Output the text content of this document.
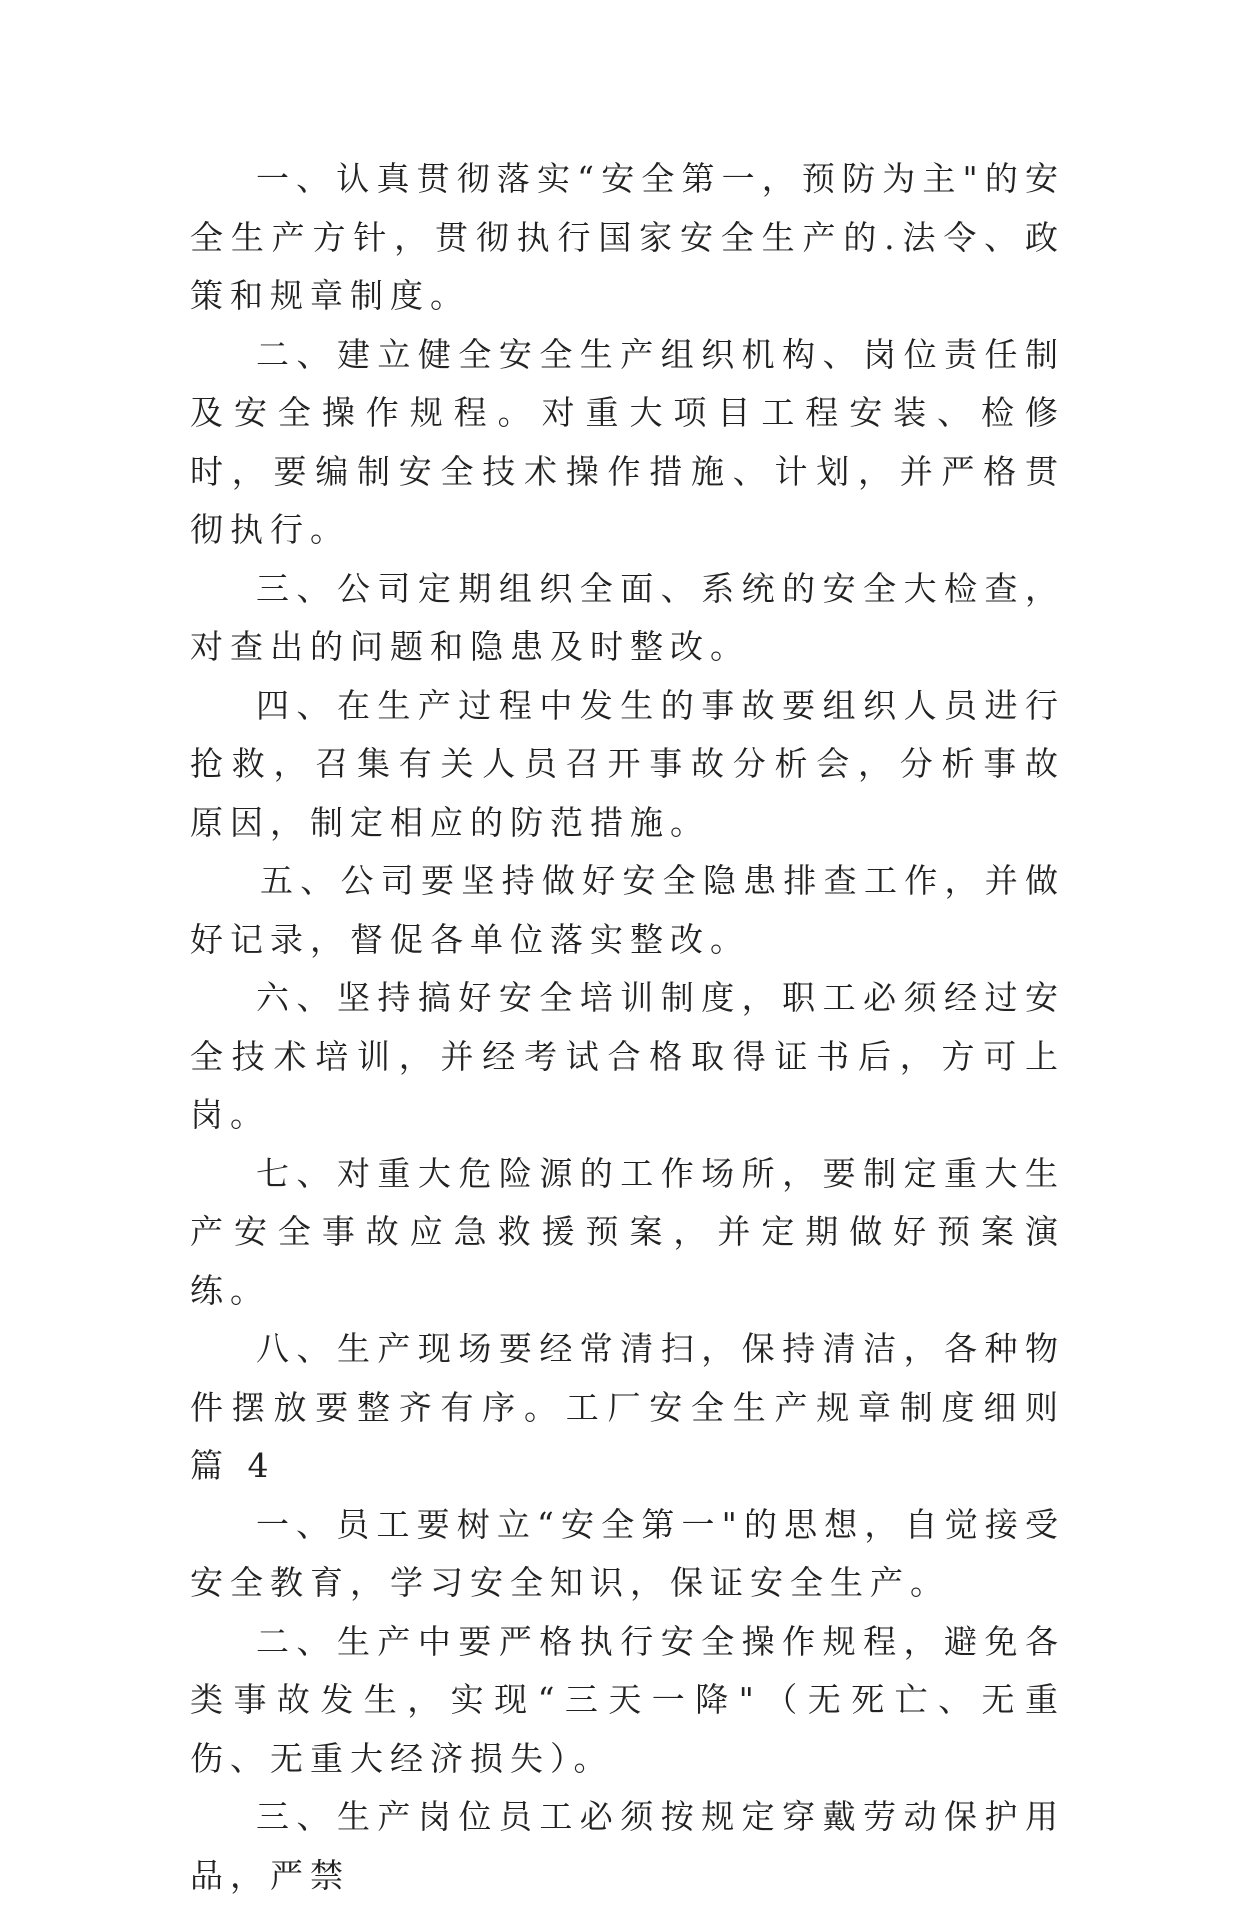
一、认真贯彻落实“安全第一，预防为主"的安全生产方针，贯彻执行国家安全生产的.法令、政策和规章制度。

二、建立健全安全生产组织机构、岗位责任制及安全操作规程。对重大项目工程安装、检修时，要编制安全技术操作措施、计划，并严格贯彻执行。

三、公司定期组织全面、系统的安全大检查，对查出的问题和隐患及时整改。

四、在生产过程中发生的事故要组织人员进行抢救，召集有关人员召开事故分析会，分析事故原因，制定相应的防范措施。

五、公司要坚持做好安全隐患排查工作，并做好记录，督促各单位落实整改。

六、坚持搞好安全培训制度，职工必须经过安全技术培训，并经考试合格取得证书后，方可上岗。

七、对重大危险源的工作场所，要制定重大生产安全事故应急救援预案，并定期做好预案演练。

八、生产现场要经常清扫，保持清洁，各种物件摆放要整齐有序。工厂安全生产规章制度细则篇 4

一、员工要树立“安全第一"的思想，自觉接受安全教育，学习安全知识，保证安全生产。

二、生产中要严格执行安全操作规程，避免各类事故发生，实现“三天一降"（无死亡、无重伤、无重大经济损失）。

三、生产岗位员工必须按规定穿戴劳动保护用品，严禁
